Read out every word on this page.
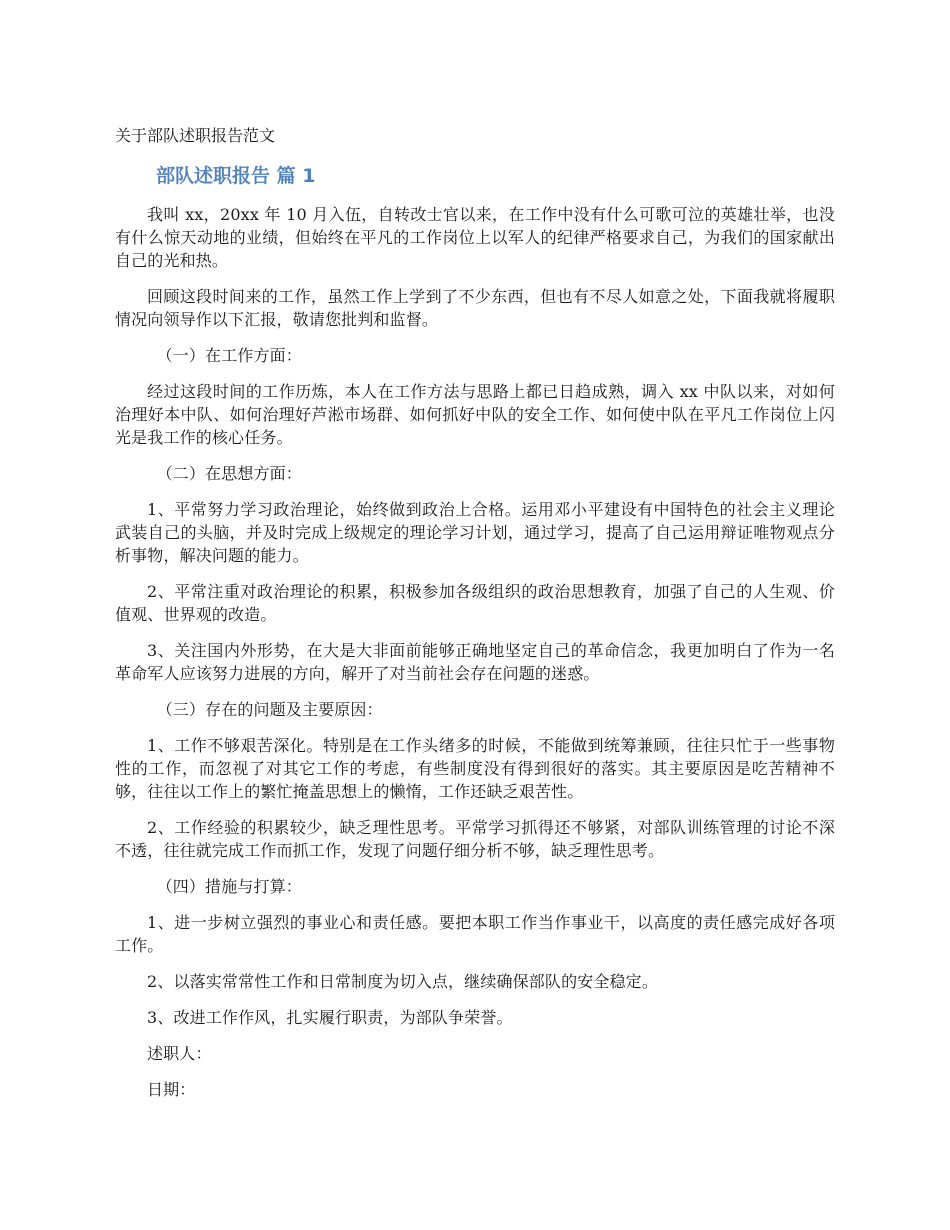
关于部队述职报告范文
部队述职报告 篇 1

我叫 xx，20xx 年 10 月入伍，自转改士官以来，在工作中没有什么可歌可泣的英雄壮举，也没有什么惊天动地的业绩，但始终在平凡的工作岗位上以军人的纪律严格要求自己，为我们的国家献出自己的光和热。

回顾这段时间来的工作，虽然工作上学到了不少东西，但也有不尽人如意之处，下面我就将履职情况向领导作以下汇报，敬请您批判和监督。

（一）在工作方面：

经过这段时间的工作历炼，本人在工作方法与思路上都已日趋成熟，调入 xx 中队以来，对如何治理好本中队、如何治理好芦淞市场群、如何抓好中队的安全工作、如何使中队在平凡工作岗位上闪光是我工作的核心任务。

（二）在思想方面：

1、平常努力学习政治理论，始终做到政治上合格。运用邓小平建设有中国特色的社会主义理论武装自己的头脑，并及时完成上级规定的理论学习计划，通过学习，提高了自己运用辩证唯物观点分析事物，解决问题的能力。

2、平常注重对政治理论的积累，积极参加各级组织的政治思想教育，加强了自己的人生观、价值观、世界观的改造。

3、关注国内外形势，在大是大非面前能够正确地坚定自己的革命信念，我更加明白了作为一名革命军人应该努力进展的方向，解开了对当前社会存在问题的迷惑。

（三）存在的问题及主要原因：

1、工作不够艰苦深化。特别是在工作头绪多的时候，不能做到统筹兼顾，往往只忙于一些事物性的工作，而忽视了对其它工作的考虑，有些制度没有得到很好的落实。其主要原因是吃苦精神不够，往往以工作上的繁忙掩盖思想上的懒惰，工作还缺乏艰苦性。

2、工作经验的积累较少，缺乏理性思考。平常学习抓得还不够紧，对部队训练管理的讨论不深不透，往往就完成工作而抓工作，发现了问题仔细分析不够，缺乏理性思考。

（四）措施与打算：

1、进一步树立强烈的事业心和责任感。要把本职工作当作事业干，以高度的责任感完成好各项工作。

2、以落实常常性工作和日常制度为切入点，继续确保部队的安全稳定。

3、改进工作作风，扎实履行职责，为部队争荣誉。

述职人：

日期：
